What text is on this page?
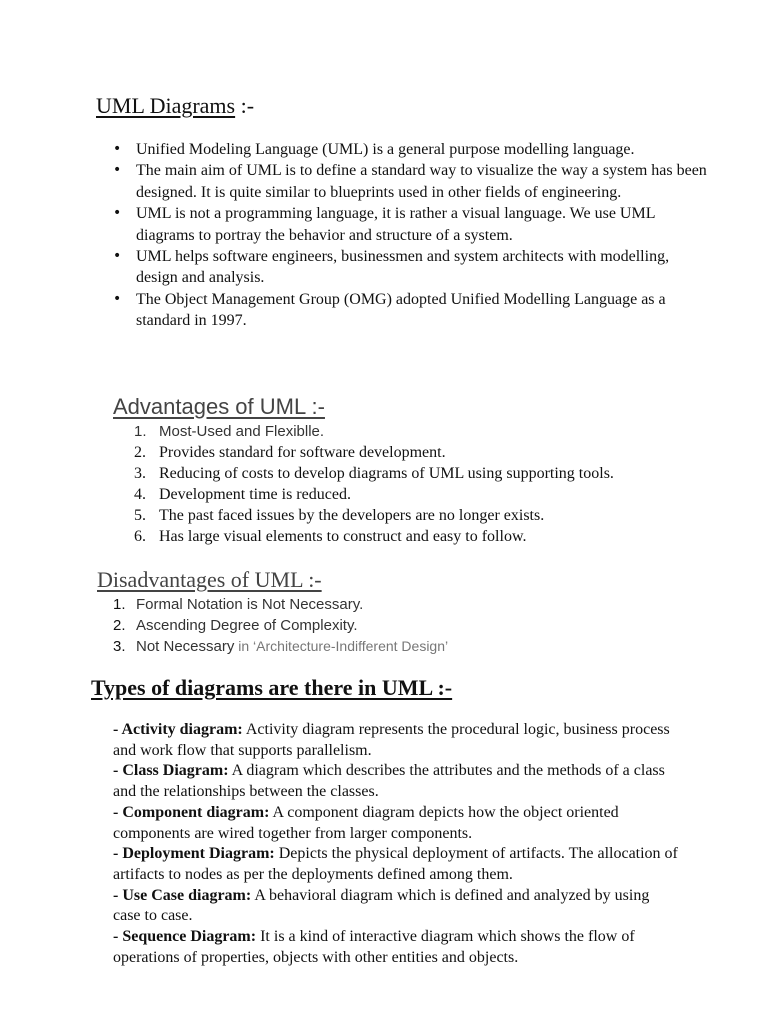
UML Diagrams :-
• Unified Modeling Language (UML) is a general purpose modelling language.
• The main aim of UML is to define a standard way to visualize the way a system has been designed. It is quite similar to blueprints used in other fields of engineering.
• UML is not a programming language, it is rather a visual language. We use UML diagrams to portray the behavior and structure of a system.
• UML helps software engineers, businessmen and system architects with modelling, design and analysis.
• The Object Management Group (OMG) adopted Unified Modelling Language as a standard in 1997.
Advantages of UML :-
1. Most-Used and Flexiblle.
2. Provides standard for software development.
3. Reducing of costs to develop diagrams of UML using supporting tools.
4. Development time is reduced.
5. The past faced issues by the developers are no longer exists.
6. Has large visual elements to construct and easy to follow.
Disadvantages of UML :-
1. Formal Notation is Not Necessary.
2. Ascending Degree of Complexity.
3. Not Necessary in ‘Architecture-Indifferent Design’
Types of diagrams are there in UML :-

- Activity diagram: Activity diagram represents the procedural logic, business process and work flow that supports parallelism.

- Class Diagram: A diagram which describes the attributes and the methods of a class and the relationships between the classes.

- Component diagram: A component diagram depicts how the object oriented components are wired together from larger components.

- Deployment Diagram: Depicts the physical deployment of artifacts. The allocation of artifacts to nodes as per the deployments defined among them.

- Use Case diagram: A behavioral diagram which is defined and analyzed by using case to case.

- Sequence Diagram: It is a kind of interactive diagram which shows the flow of operations of properties, objects with other entities and objects.
